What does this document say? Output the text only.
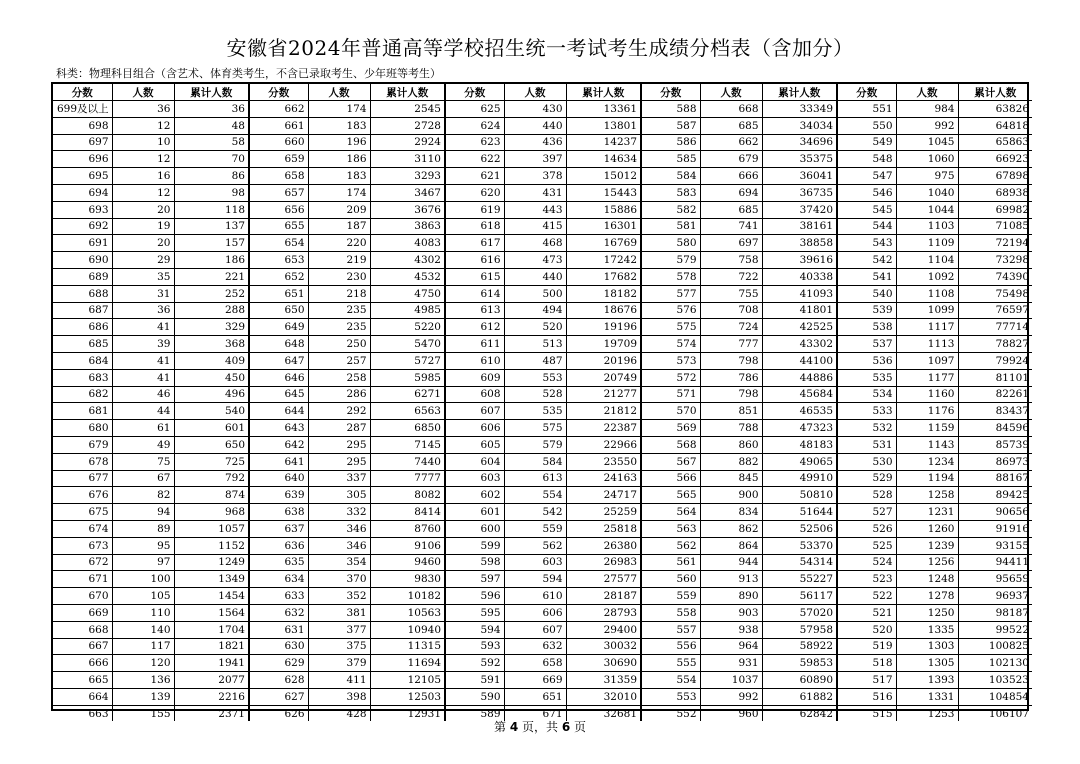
安徽省2024年普通高等学校招生统一考试考生成绩分档表（含加分）
科类：物理科目组合（含艺术、体育类考生，不含已录取考生、少年班等考生）
分数	人数	累计人数
699及以上	36	36
698	12	48
697	10	58
696	12	70
695	16	86
694	12	98
693	20	118
692	19	137
691	20	157
690	29	186
689	35	221
688	31	252
687	36	288
686	41	329
685	39	368
684	41	409
683	41	450
682	46	496
681	44	540
680	61	601
679	49	650
678	75	725
677	67	792
676	82	874
675	94	968
674	89	1057
673	95	1152
672	97	1249
671	100	1349
670	105	1454
669	110	1564
668	140	1704
667	117	1821
666	120	1941
665	136	2077
664	139	2216
663	155	2371
分数	人数	累计人数
662	174	2545
661	183	2728
660	196	2924
659	186	3110
658	183	3293
657	174	3467
656	209	3676
655	187	3863
654	220	4083
653	219	4302
652	230	4532
651	218	4750
650	235	4985
649	235	5220
648	250	5470
647	257	5727
646	258	5985
645	286	6271
644	292	6563
643	287	6850
642	295	7145
641	295	7440
640	337	7777
639	305	8082
638	332	8414
637	346	8760
636	346	9106
635	354	9460
634	370	9830
633	352	10182
632	381	10563
631	377	10940
630	375	11315
629	379	11694
628	411	12105
627	398	12503
626	428	12931
分数	人数	累计人数
625	430	13361
624	440	13801
623	436	14237
622	397	14634
621	378	15012
620	431	15443
619	443	15886
618	415	16301
617	468	16769
616	473	17242
615	440	17682
614	500	18182
613	494	18676
612	520	19196
611	513	19709
610	487	20196
609	553	20749
608	528	21277
607	535	21812
606	575	22387
605	579	22966
604	584	23550
603	613	24163
602	554	24717
601	542	25259
600	559	25818
599	562	26380
598	603	26983
597	594	27577
596	610	28187
595	606	28793
594	607	29400
593	632	30032
592	658	30690
591	669	31359
590	651	32010
589	671	32681
分数	人数	累计人数
588	668	33349
587	685	34034
586	662	34696
585	679	35375
584	666	36041
583	694	36735
582	685	37420
581	741	38161
580	697	38858
579	758	39616
578	722	40338
577	755	41093
576	708	41801
575	724	42525
574	777	43302
573	798	44100
572	786	44886
571	798	45684
570	851	46535
569	788	47323
568	860	48183
567	882	49065
566	845	49910
565	900	50810
564	834	51644
563	862	52506
562	864	53370
561	944	54314
560	913	55227
559	890	56117
558	903	57020
557	938	57958
556	964	58922
555	931	59853
554	1037	60890
553	992	61882
552	960	62842
分数	人数	累计人数
551	984	63826
550	992	64818
549	1045	65863
548	1060	66923
547	975	67898
546	1040	68938
545	1044	69982
544	1103	71085
543	1109	72194
542	1104	73298
541	1092	74390
540	1108	75498
539	1099	76597
538	1117	77714
537	1113	78827
536	1097	79924
535	1177	81101
534	1160	82261
533	1176	83437
532	1159	84596
531	1143	85739
530	1234	86973
529	1194	88167
528	1258	89425
527	1231	90656
526	1260	91916
525	1239	93155
524	1256	94411
523	1248	95659
522	1278	96937
521	1250	98187
520	1335	99522
519	1303	100825
518	1305	102130
517	1393	103523
516	1331	104854
515	1253	106107
第 4 页，共 6 页
